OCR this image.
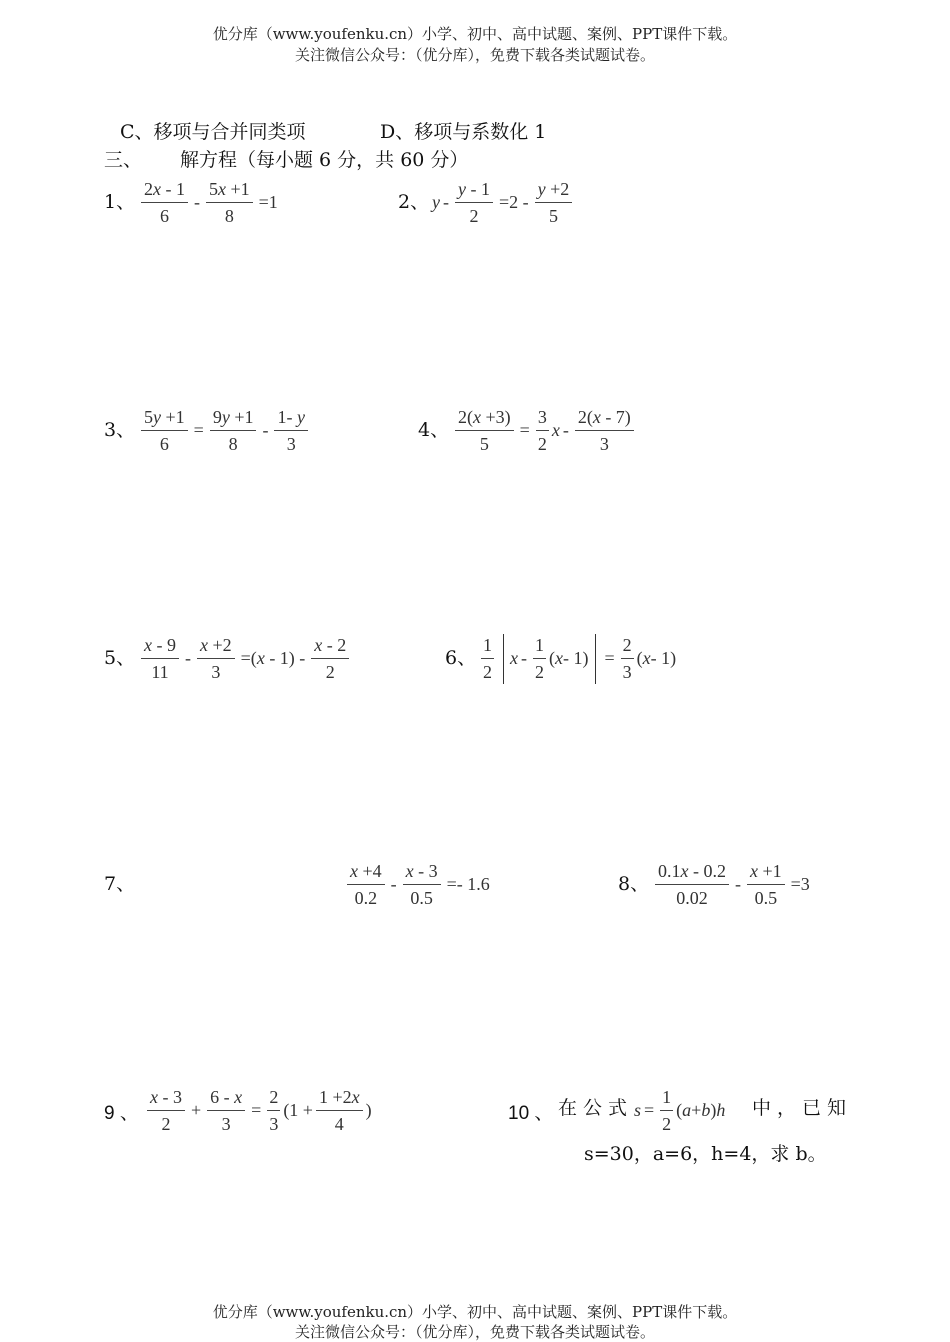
优分库（www.youfenku.cn）小学、初中、高中试题、案例、PPT课件下载。
关注微信公众号：（优分库），免费下载各类试题试卷。
C、移项与合并同类项	D、移项与系数化 1
三、 解方程（每小题 6 分，共 60 分）
1、 $\frac{2x - 1}{6} - \frac{5x +1}{8} =1$	2、 $y - \frac{y - 1}{2} =2 - \frac{y +2}{5}$
3、 $\frac{5y +1}{6} = \frac{9y +1}{8} - \frac{1- y}{3}$	4、 $\frac{2(x +3)}{5} = \frac{3}{2}$ x - $\frac{2(x - 7)}{3}$
5、 $\frac{x - 9}{11} - \frac{x +2}{3} =(x - 1) - \frac{x - 2}{2}$	6、 $\frac{1}{2}$ x - $\frac{1}{2}$ ( $x - 1) = \frac{2}{3}$ ( x - 1)
7、	$\frac{x +4}{0.2} - \frac{x - 3}{0.5} =- 1.6$	8、 $\frac{0.1x - 0.2}{0.02} - \frac{x +1}{0.5} =3$
9 、 $\frac{x - 3}{2} + \frac{6 - x}{3} = \frac{2}{3} (1 + \frac{1 +2x}{4}$ )	10 、 在公式 $s = \frac{1}{2}$ ( a + b ) h 中，已知
s=30，a=6，h=4，求 b。
优分库（www.youfenku.cn）小学、初中、高中试题、案例、PPT课件下载。
关注微信公众号：（优分库），免费下载各类试题试卷。
